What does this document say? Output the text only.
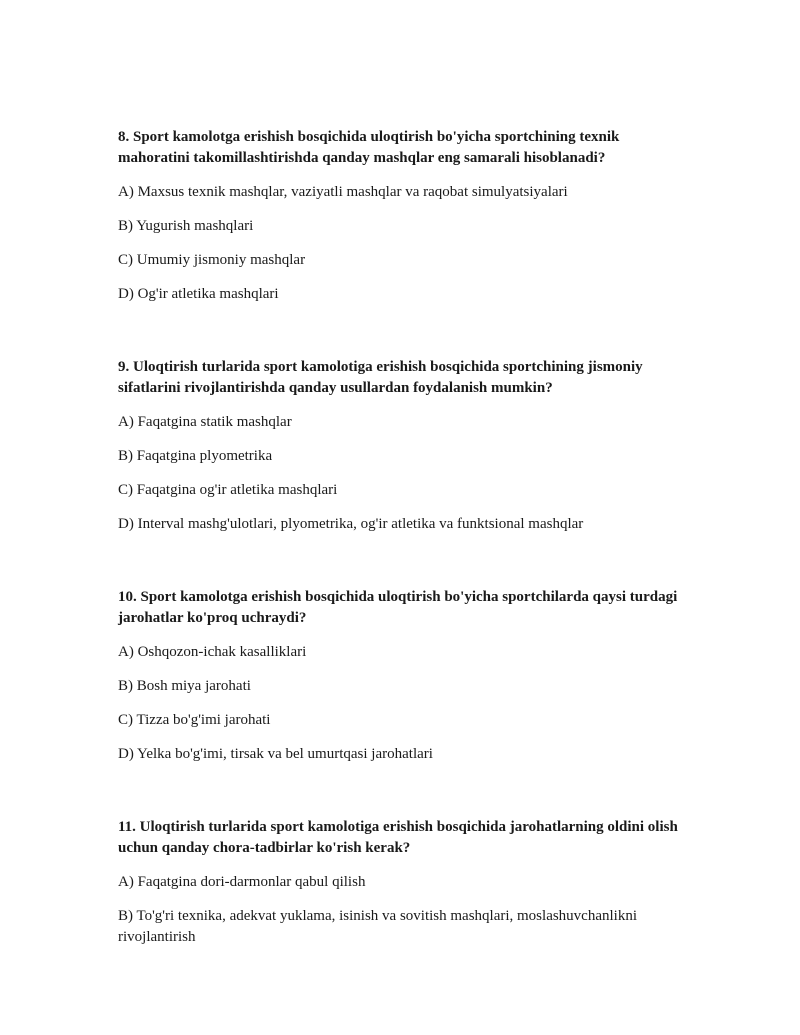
8. Sport kamolotga erishish bosqichida uloqtirish bo'yicha sportchining texnik mahoratini takomillashtirishda qanday mashqlar eng samarali hisoblanadi?
A) Maxsus texnik mashqlar, vaziyatli mashqlar va raqobat simulyatsiyalari
B) Yugurish mashqlari
C) Umumiy jismoniy mashqlar
D) Og'ir atletika mashqlari
9. Uloqtirish turlarida sport kamolotiga erishish bosqichida sportchining jismoniy sifatlarini rivojlantirishda qanday usullardan foydalanish mumkin?
A) Faqatgina statik mashqlar
B) Faqatgina plyometrika
C) Faqatgina og'ir atletika mashqlari
D) Interval mashg'ulotlari, plyometrika, og'ir atletika va funktsional mashqlar
10. Sport kamolotga erishish bosqichida uloqtirish bo'yicha sportchilarda qaysi turdagi jarohatlar ko'proq uchraydi?
A) Oshqozon-ichak kasalliklari
B) Bosh miya jarohati
C) Tizza bo'g'imi jarohati
D) Yelka bo'g'imi, tirsak va bel umurtqasi jarohatlari
11. Uloqtirish turlarida sport kamolotiga erishish bosqichida jarohatlarning oldini olish uchun qanday chora-tadbirlar ko'rish kerak?
A) Faqatgina dori-darmonlar qabul qilish
B) To'g'ri texnika, adekvat yuklama, isinish va sovitish mashqlari, moslashuvchanlikni rivojlantirish
